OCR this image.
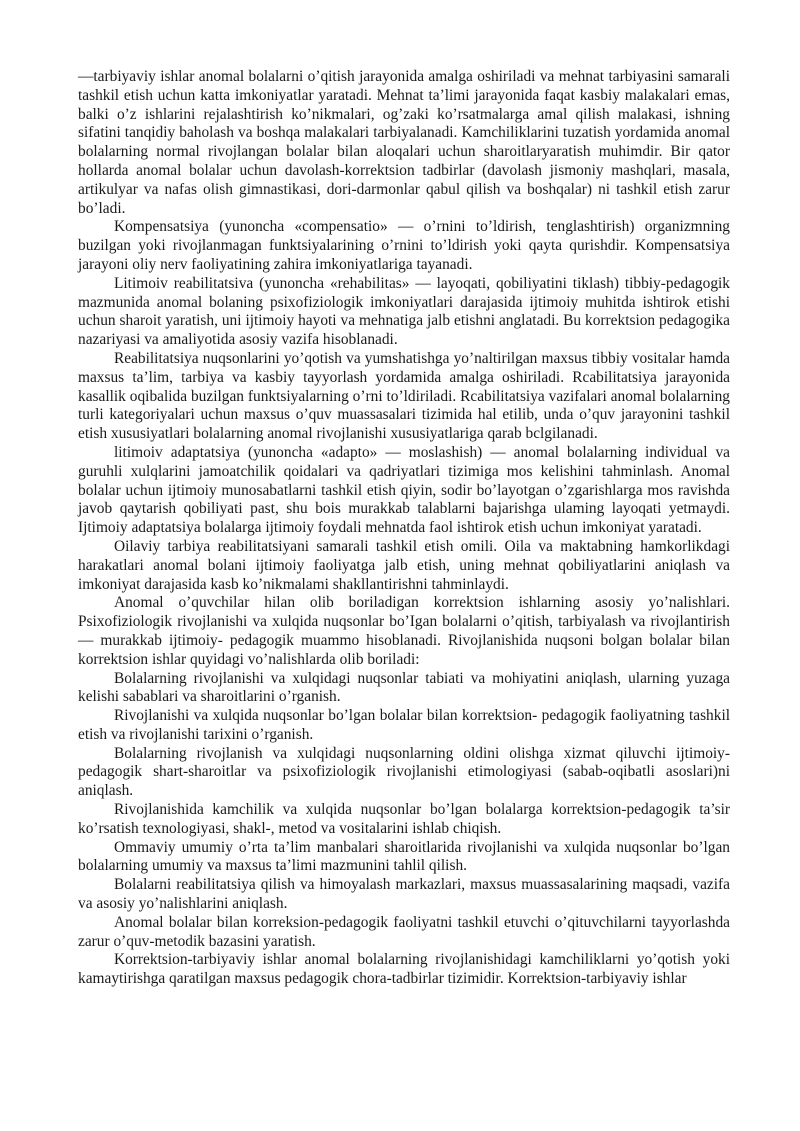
—tarbiyaviy ishlar anomal bolalarni o’qitish jarayonida amalga oshiriladi va mehnat tarbiyasini samarali tashkil etish uchun katta imkoniyatlar yaratadi. Mehnat ta’limi jarayonida faqat kasbiy malakalari emas, balki o’z ishlarini rejalashtirish ko’nikmalari, og’zaki ko’rsatmalarga amal qilish malakasi, ishning sifatini tanqidiy baholash va boshqa malakalari tarbiyalanadi. Kamchiliklarini tuzatish yordamida anomal bolalarning normal rivojlangan bolalar bilan aloqalari uchun sharoitlaryaratish muhimdir. Bir qator hollarda anomal bolalar uchun davolash-korrektsion tadbirlar (davolash jismoniy mashqlari, masala, artikulyar va nafas olish gimnastikasi, dori-darmonlar qabul qilish va boshqalar) ni tashkil etish zarur bo’ladi.

Kompensatsiya (yunoncha «compensatio» — o’rnini to’ldirish, tenglashtirish) organizmning buzilgan yoki rivojlanmagan funktsiyalarining o’rnini to’ldirish yoki qayta qurishdir. Kompensatsiya jarayoni oliy nerv faoliyatining zahira imkoniyatlariga tayanadi.

Litimoiv reabilitatsiva (yunoncha «rehabilitas» — layoqati, qobiliyatini tiklash) tibbiy-pedagogik mazmunida anomal bolaning psixofiziologik imkoniyatlari darajasida ijtimoiy muhitda ishtirok etishi uchun sharoit yaratish, uni ijtimoiy hayoti va mehnatiga jalb etishni anglatadi. Bu korrektsion pedagogika nazariyasi va amaliyotida asosiy vazifa hisoblanadi.

Reabilitatsiya nuqsonlarini yo’qotish va yumshatishga yo’naltirilgan maxsus tibbiy vositalar hamda maxsus ta’lim, tarbiya va kasbiy tayyorlash yordamida amalga oshiriladi. Rcabilitatsiya jarayonida kasallik oqibalida buzilgan funktsiyalarning o’rni to’ldiriladi. Rcabilitatsiya vazifalari anomal bolalarning turli kategoriyalari uchun maxsus o’quv muassasalari tizimida hal etilib, unda o’quv jarayonini tashkil etish xususiyatlari bolalarning anomal rivojlanishi xususiyatlariga qarab bclgilanadi.

litimoiv adaptatsiya (yunoncha «adapto» — moslashish) — anomal bolalarning individual va guruhli xulqlarini jamoatchilik qoidalari va qadriyatlari tizimiga mos kelishini tahminlash. Anomal bolalar uchun ijtimoiy munosabatlarni tashkil etish qiyin, sodir bo’layotgan o’zgarishlarga mos ravishda javob qaytarish qobiliyati past, shu bois murakkab talablarni bajarishga ulaming layoqati yetmaydi. Ijtimoiy adaptatsiya bolalarga ijtimoiy foydali mehnatda faol ishtirok etish uchun imkoniyat yaratadi.

Oilaviy tarbiya reabilitatsiyani samarali tashkil etish omili. Oila va maktabning hamkorlikdagi harakatlari anomal bolani ijtimoiy faoliyatga jalb etish, uning mehnat qobiliyatlarini aniqlash va imkoniyat darajasida kasb ko’nikmalami shakllantirishni tahminlaydi.

Anomal o’quvchilar hilan olib boriladigan korrektsion ishlarning asosiy yo’nalishlari. Psixofiziologik rivojlanishi va xulqida nuqsonlar bo’Igan bolalarni o’qitish, tarbiyalash va rivojlantirish — murakkab ijtimoiy- pedagogik muammo hisoblanadi. Rivojlanishida nuqsoni bolgan bolalar bilan korrektsion ishlar quyidagi vo’nalishlarda olib boriladi:

Bolalarning rivojlanishi va xulqidagi nuqsonlar tabiati va mohiyatini aniqlash, ularning yuzaga kelishi sabablari va sharoitlarini o’rganish.

Rivojlanishi va xulqida nuqsonlar bo’lgan bolalar bilan korrektsion- pedagogik faoliyatning tashkil etish va rivojlanishi tarixini o’rganish.

Bolalarning rivojlanish va xulqidagi nuqsonlarning oldini olishga xizmat qiluvchi ijtimoiy-pedagogik shart-sharoitlar va psixofiziologik rivojlanishi etimologiyasi (sabab-oqibatli asoslari)ni aniqlash.

Rivojlanishida kamchilik va xulqida nuqsonlar bo’lgan bolalarga korrektsion-pedagogik ta’sir ko’rsatish texnologiyasi, shakl-, metod va vositalarini ishlab chiqish.

Ommaviy umumiy o’rta ta’lim manbalari sharoitlarida rivojlanishi va xulqida nuqsonlar bo’lgan bolalarning umumiy va maxsus ta’limi mazmunini tahlil qilish.

Bolalarni reabilitatsiya qilish va himoyalash markazlari, maxsus muassasalarining maqsadi, vazifa va asosiy yo’nalishlarini aniqlash.

Anomal bolalar bilan korreksion-pedagogik faoliyatni tashkil etuvchi o’qituvchilarni tayyorlashda zarur o’quv-metodik bazasini yaratish.

Korrektsion-tarbiyaviy ishlar anomal bolalarning rivojlanishidagi kamchiliklarni yo’qotish yoki kamaytirishga qaratilgan maxsus pedagogik chora-tadbirlar tizimidir. Korrektsion-tarbiyaviy ishlar
